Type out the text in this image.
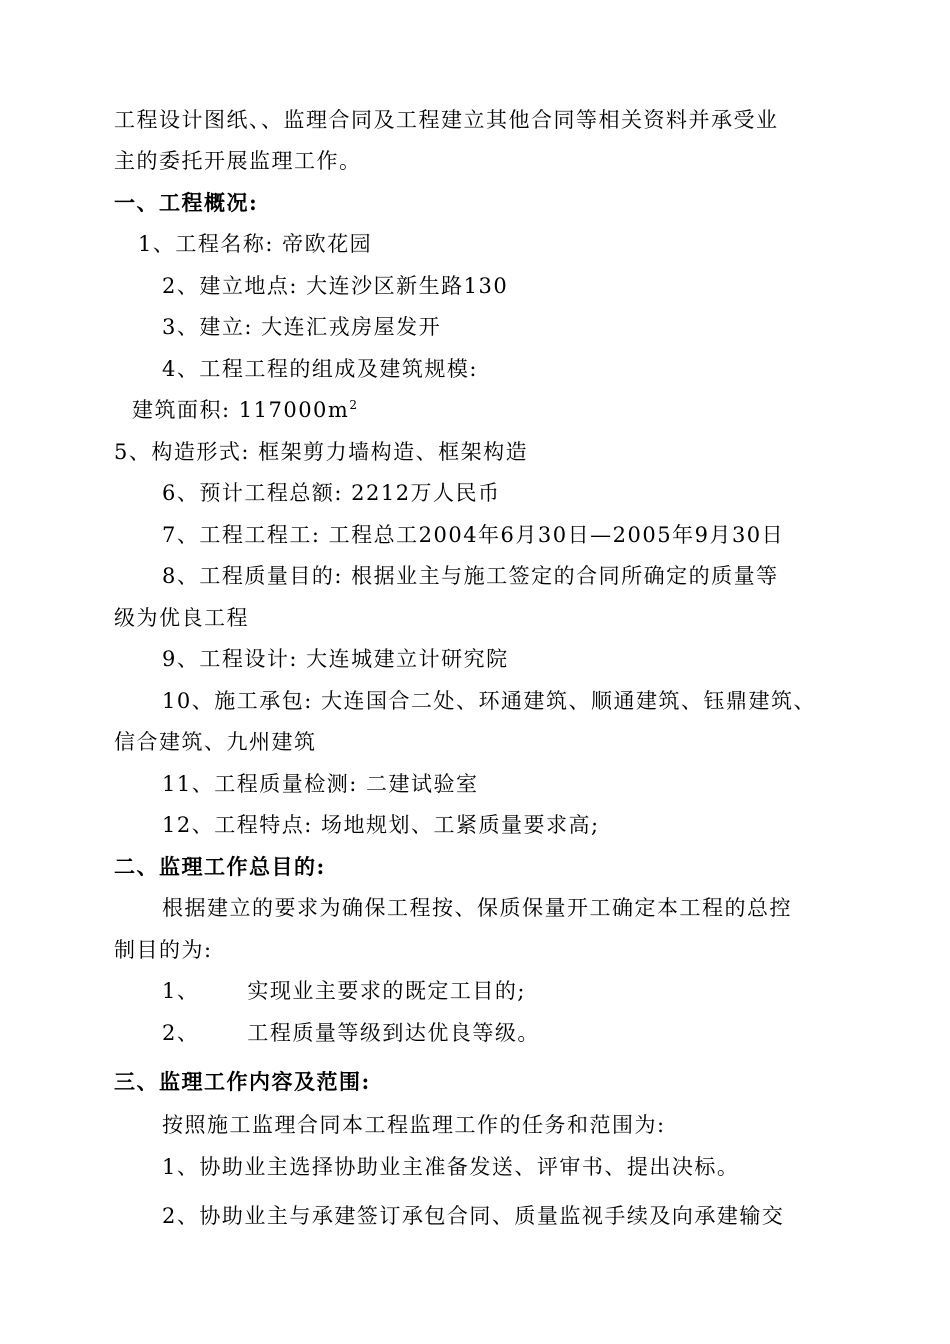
工程设计图纸、、监理合同及工程建立其他合同等相关资料并承受业
主的委托开展监理工作。
一、工程概况:
1、工程名称: 帝欧花园
2、建立地点: 大连沙区新生路130
3、建立: 大连汇戎房屋发开
4、工程工程的组成及建筑规模:
建筑面积: $117000m^2$
5、构造形式: 框架剪力墙构造、框架构造
6、预计工程总额: 2212万人民币
7、工程工程工: 工程总工2004年6月30日—2005年9月30日
8、工程质量目的: 根据业主与施工签定的合同所确定的质量等
级为优良工程
9、工程设计: 大连城建立计研究院
10、施工承包: 大连国合二处、环通建筑、顺通建筑、钰鼎建筑、
信合建筑、九州建筑
11、工程质量检测: 二建试验室
12、工程特点: 场地规划、工紧质量要求高;
二、监理工作总目的:
根据建立的要求为确保工程按、保质保量开工确定本工程的总控
制目的为:
1、 实现业主要求的既定工目的;
2、 工程质量等级到达优良等级。
三、监理工作内容及范围:
按照施工监理合同本工程监理工作的任务和范围为:
1、协助业主选择协助业主准备发送、评审书、提出决标。
2、协助业主与承建签订承包合同、质量监视手续及向承建输交
